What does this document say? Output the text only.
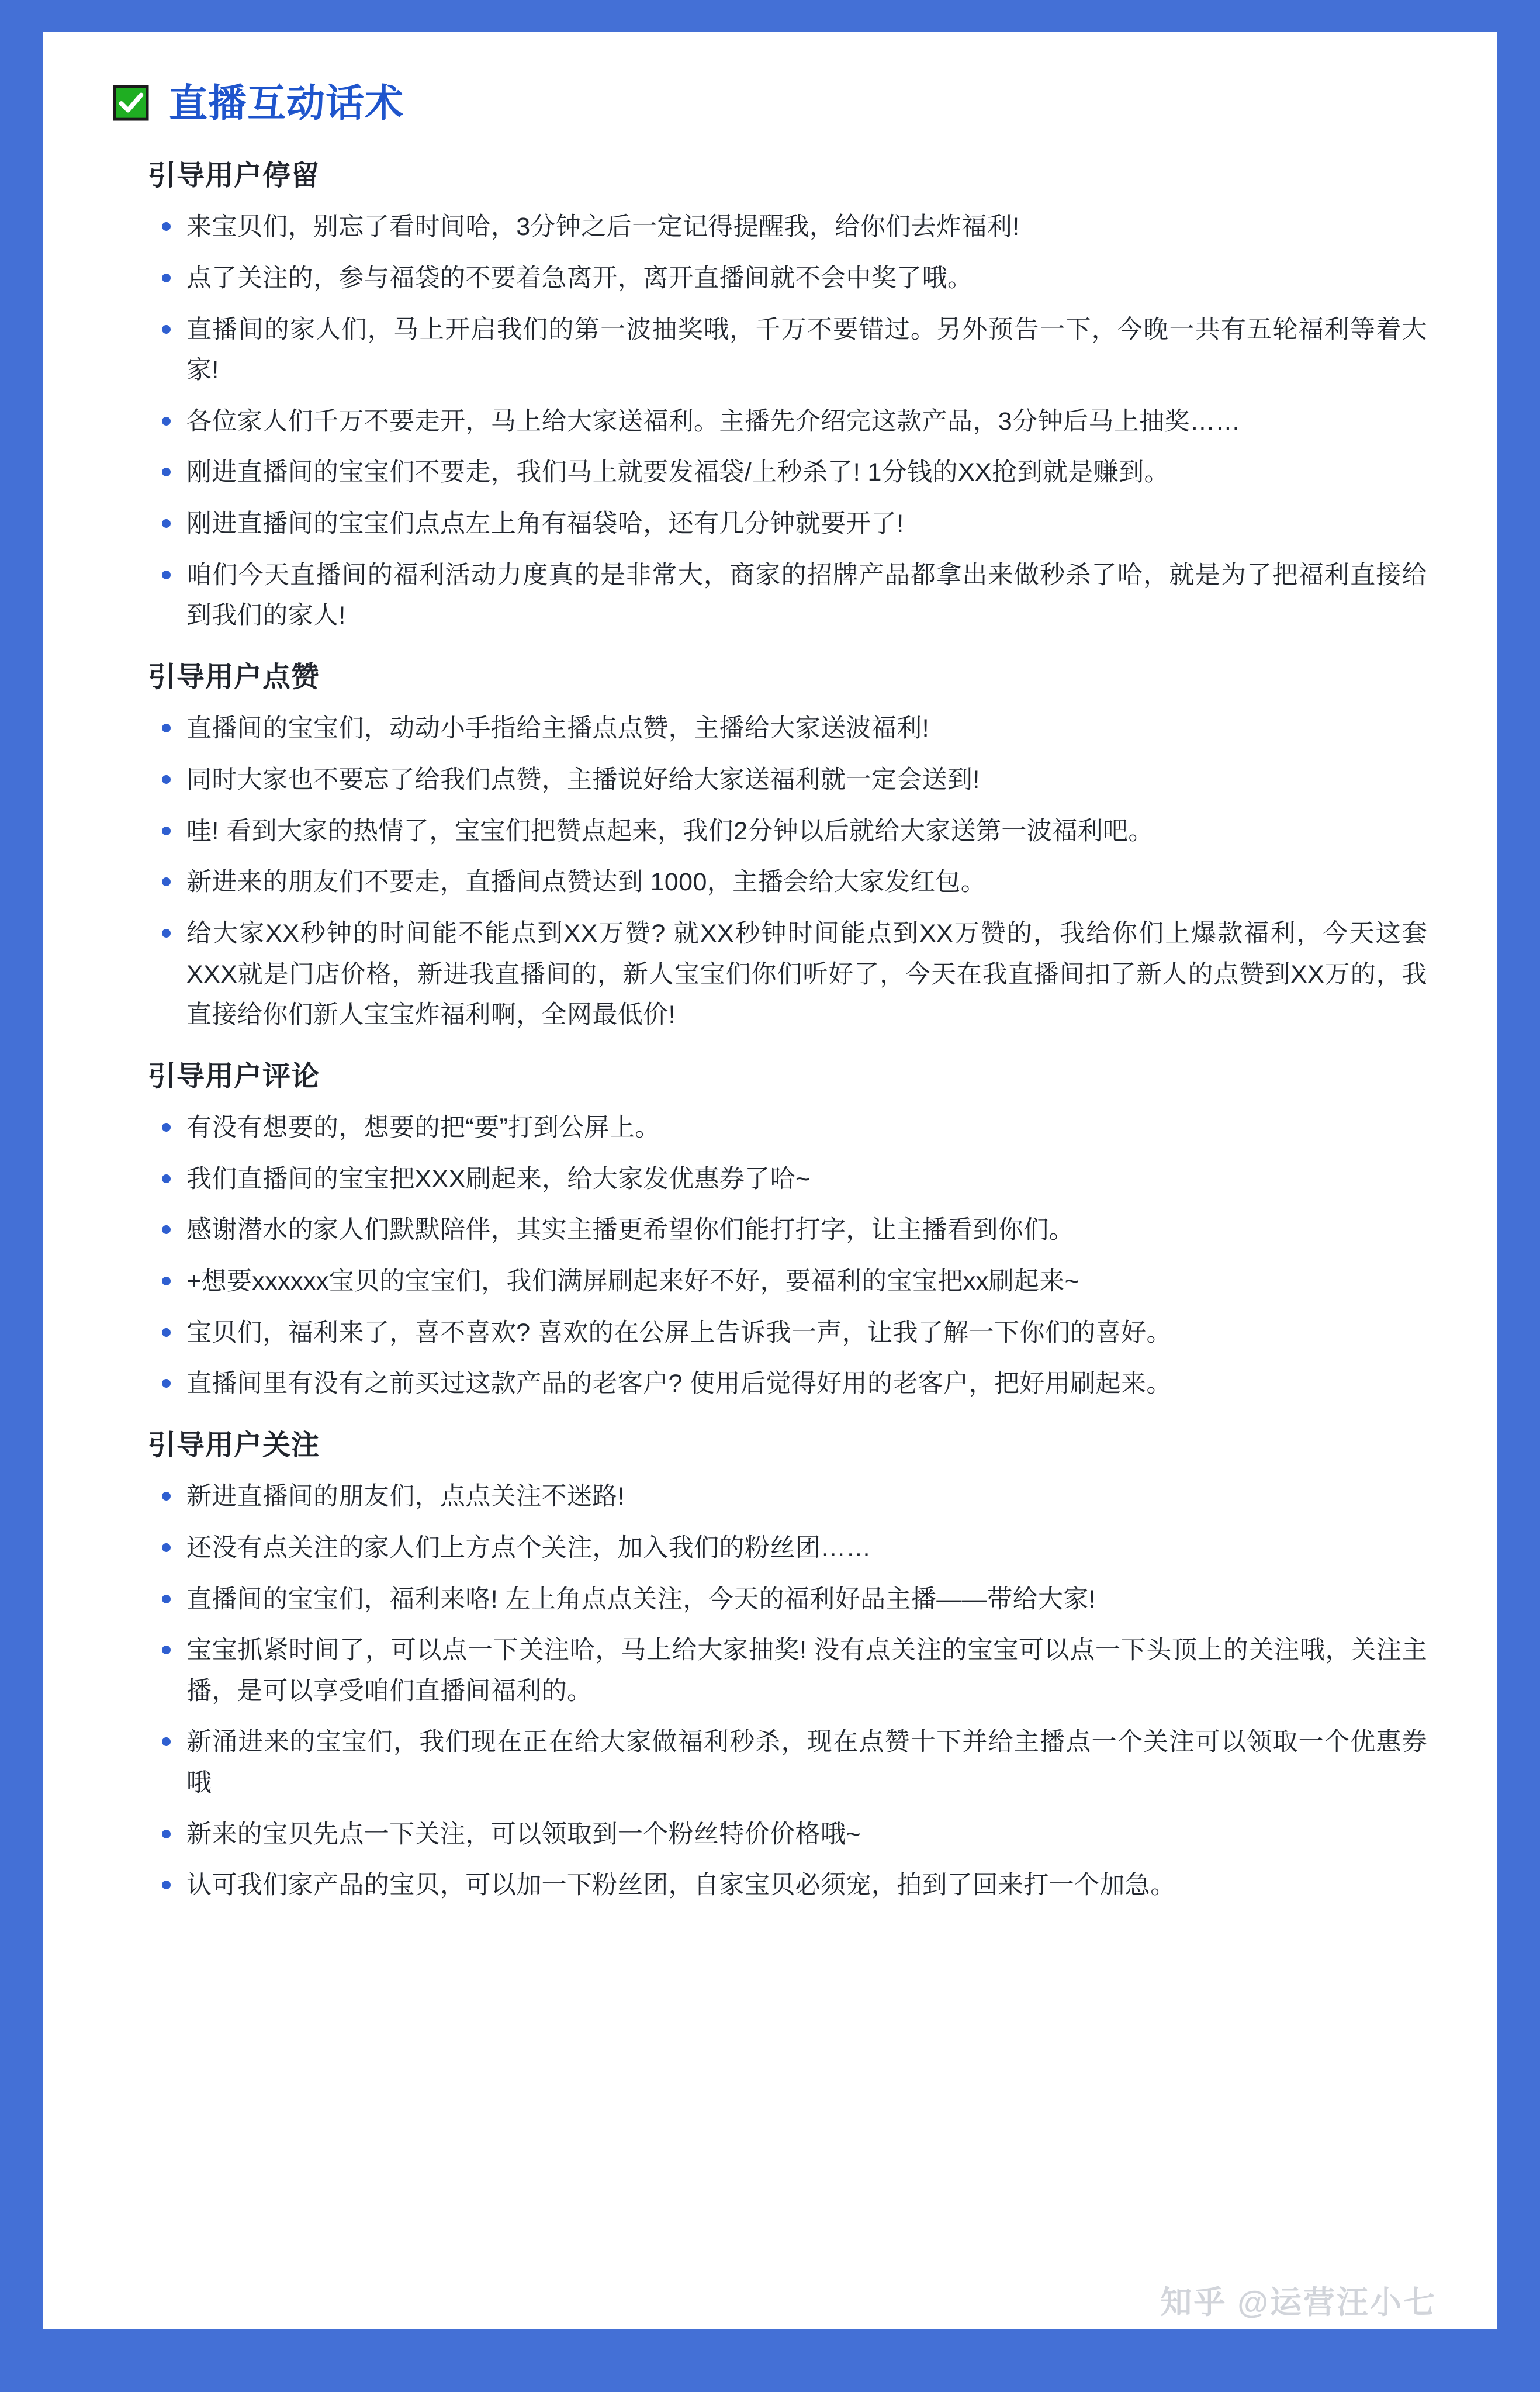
直播互动话术
引导用户停留
来宝贝们，别忘了看时间哈，3分钟之后一定记得提醒我，给你们去炸福利!
点了关注的，参与福袋的不要着急离开，离开直播间就不会中奖了哦。
直播间的家人们，马上开启我们的第一波抽奖哦，千万不要错过。另外预告一下，今晚一共有五轮福利等着大家!
各位家人们千万不要走开，马上给大家送福利。主播先介绍完这款产品，3分钟后马上抽奖……
刚进直播间的宝宝们不要走，我们马上就要发福袋/上秒杀了! 1分钱的XX抢到就是赚到。
刚进直播间的宝宝们点点左上角有福袋哈，还有几分钟就要开了!
咱们今天直播间的福利活动力度真的是非常大，商家的招牌产品都拿出来做秒杀了哈，就是为了把福利直接给到我们的家人!
引导用户点赞
直播间的宝宝们，动动小手指给主播点点赞，主播给大家送波福利!
同时大家也不要忘了给我们点赞，主播说好给大家送福利就一定会送到!
哇! 看到大家的热情了，宝宝们把赞点起来，我们2分钟以后就给大家送第一波福利吧。
新进来的朋友们不要走，直播间点赞达到 1000，主播会给大家发红包。
给大家XX秒钟的时间能不能点到XX万赞? 就XX秒钟时间能点到XX万赞的，我给你们上爆款福利，今天这套XXX就是门店价格，新进我直播间的，新人宝宝们你们听好了，今天在我直播间扣了新人的点赞到XX万的，我直接给你们新人宝宝炸福利啊，全网最低价!
引导用户评论
有没有想要的，想要的把“要”打到公屏上。
我们直播间的宝宝把XXX刷起来，给大家发优惠券了哈~
感谢潜水的家人们默默陪伴，其实主播更希望你们能打打字，让主播看到你们。
+想要xxxxxx宝贝的宝宝们，我们满屏刷起来好不好，要福利的宝宝把xx刷起来~
宝贝们，福利来了，喜不喜欢? 喜欢的在公屏上告诉我一声，让我了解一下你们的喜好。
直播间里有没有之前买过这款产品的老客户? 使用后觉得好用的老客户，把好用刷起来。
引导用户关注
新进直播间的朋友们，点点关注不迷路!
还没有点关注的家人们上方点个关注，加入我们的粉丝团……
直播间的宝宝们，福利来咯! 左上角点点关注，今天的福利好品主播——带给大家!
宝宝抓紧时间了，可以点一下关注哈，马上给大家抽奖! 没有点关注的宝宝可以点一下头顶上的关注哦，关注主播，是可以享受咱们直播间福利的。
新涌进来的宝宝们，我们现在正在给大家做福利秒杀，现在点赞十下并给主播点一个关注可以领取一个优惠券哦
新来的宝贝先点一下关注，可以领取到一个粉丝特价价格哦~
认可我们家产品的宝贝，可以加一下粉丝团，自家宝贝必须宠，拍到了回来打一个加急。
知乎 @运营汪小七
